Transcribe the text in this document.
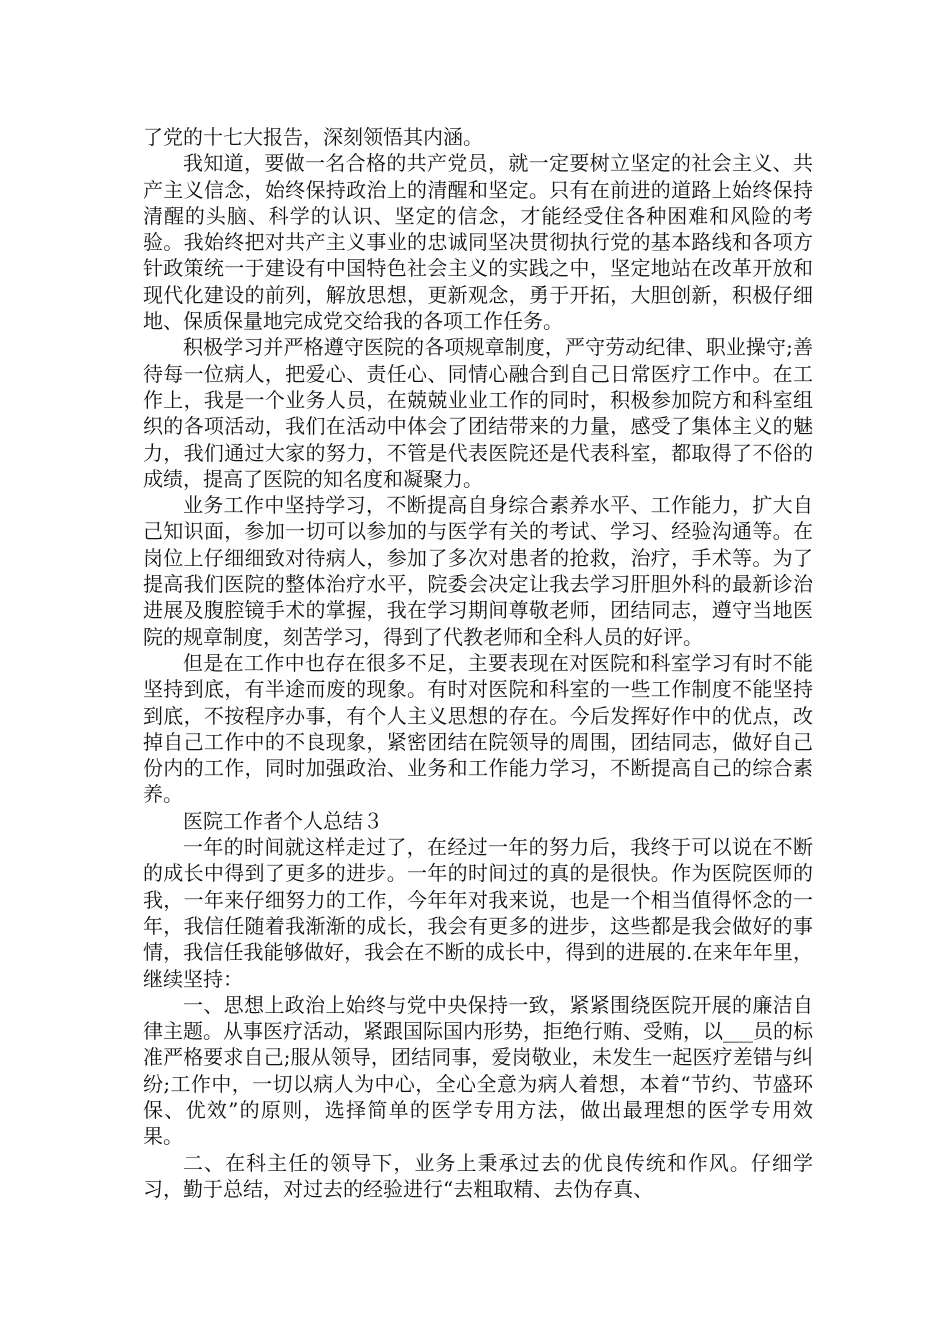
了党的十七大报告，深刻领悟其内涵。

我知道，要做一名合格的共产党员，就一定要树立坚定的社会主义、共产主义信念，始终保持政治上的清醒和坚定。只有在前进的道路上始终保持清醒的头脑、科学的认识、坚定的信念，才能经受住各种困难和风险的考验。我始终把对共产主义事业的忠诚同坚决贯彻执行党的基本路线和各项方针政策统一于建设有中国特色社会主义的实践之中，坚定地站在改革开放和现代化建设的前列，解放思想，更新观念，勇于开拓，大胆创新，积极仔细地、保质保量地完成党交给我的各项工作任务。

积极学习并严格遵守医院的各项规章制度，严守劳动纪律、职业操守;善待每一位病人，把爱心、责任心、同情心融合到自己日常医疗工作中。在工作上，我是一个业务人员，在兢兢业业工作的同时，积极参加院方和科室组织的各项活动，我们在活动中体会了团结带来的力量，感受了集体主义的魅力，我们通过大家的努力，不管是代表医院还是代表科室，都取得了不俗的成绩，提高了医院的知名度和凝聚力。

业务工作中坚持学习，不断提高自身综合素养水平、工作能力，扩大自己知识面，参加一切可以参加的与医学有关的考试、学习、经验沟通等。在岗位上仔细细致对待病人，参加了多次对患者的抢救，治疗，手术等。为了提高我们医院的整体治疗水平，院委会决定让我去学习肝胆外科的最新诊治进展及腹腔镜手术的掌握，我在学习期间尊敬老师，团结同志，遵守当地医院的规章制度，刻苦学习，得到了代教老师和全科人员的好评。

但是在工作中也存在很多不足，主要表现在对医院和科室学习有时不能坚持到底，有半途而废的现象。有时对医院和科室的一些工作制度不能坚持到底，不按程序办事，有个人主义思想的存在。今后发挥好作中的优点，改掉自己工作中的不良现象，紧密团结在院领导的周围，团结同志，做好自己份内的工作，同时加强政治、业务和工作能力学习，不断提高自己的综合素养。

医院工作者个人总结３

一年的时间就这样走过了，在经过一年的努力后，我终于可以说在不断的成长中得到了更多的进步。一年的时间过的真的是很快。作为医院医师的我，一年来仔细努力的工作，今年年对我来说，也是一个相当值得怀念的一年，我信任随着我渐渐的成长，我会有更多的进步，这些都是我会做好的事情，我信任我能够做好，我会在不断的成长中，得到的进展的.在来年年里，继续坚持：

一、思想上政治上始终与党中央保持一致，紧紧围绕医院开展的廉洁自律主题。从事医疗活动，紧跟国际国内形势，拒绝行贿、受贿，以___员的标准严格要求自己;服从领导，团结同事，爱岗敬业，未发生一起医疗差错与纠纷;工作中，一切以病人为中心，全心全意为病人着想，本着“节约、节盛环保、优效”的原则，选择简单的医学专用方法，做出最理想的医学专用效果。

二、在科主任的领导下，业务上秉承过去的优良传统和作风。仔细学习，勤于总结，对过去的经验进行“去粗取精、去伪存真、
